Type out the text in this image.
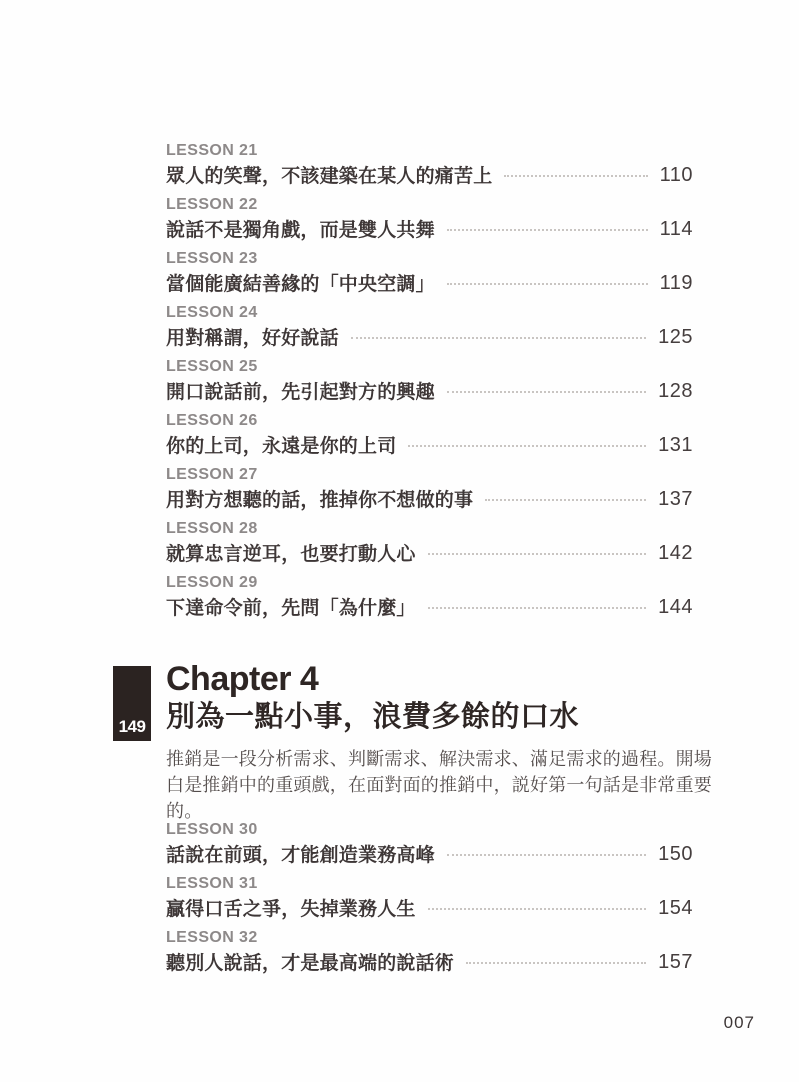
LESSON 21
眾人的笑聲，不該建築在某人的痛苦上	110
LESSON 22
說話不是獨角戲，而是雙人共舞	114
LESSON 23
當個能廣結善緣的「中央空調」	119
LESSON 24
用對稱謂，好好說話	125
LESSON 25
開口說話前，先引起對方的興趣	128
LESSON 26
你的上司，永遠是你的上司	131
LESSON 27
用對方想聽的話，推掉你不想做的事	137
LESSON 28
就算忠言逆耳，也要打動人心	142
LESSON 29
下達命令前，先問「為什麼」	144
149
Chapter 4
別為一點小事，浪費多餘的口水

推銷是一段分析需求、判斷需求、解決需求、滿足需求的過程。開場白是推銷中的重頭戲，在面對面的推銷中，説好第一句話是非常重要的。

LESSON 30
話說在前頭，才能創造業務高峰	150
LESSON 31
贏得口舌之爭，失掉業務人生	154
LESSON 32
聽別人說話，才是最高端的說話術	157
007
